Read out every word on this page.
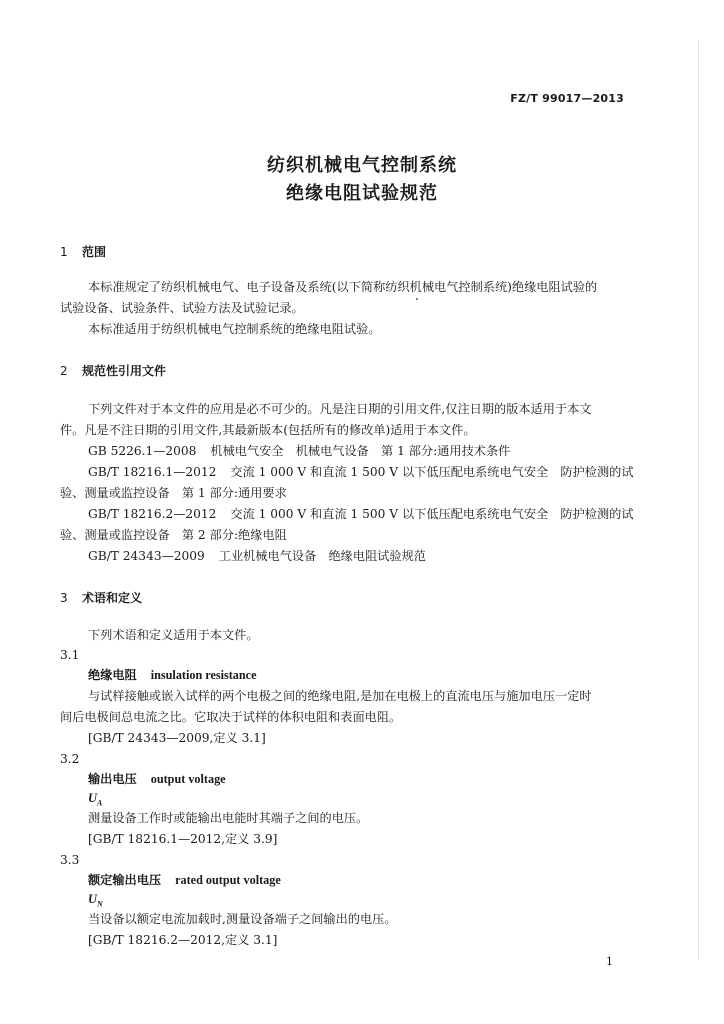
FZ/T 99017—2013
纺织机械电气控制系统
绝缘电阻试验规范
1 范围
本标准规定了纺织机械电气、电子设备及系统(以下简称纺织机械电气控制系统)绝缘电阻试验的
试验设备、试验条件、试验方法及试验记录。
本标准适用于纺织机械电气控制系统的绝缘电阻试验。
2 规范性引用文件
下列文件对于本文件的应用是必不可少的。凡是注日期的引用文件,仅注日期的版本适用于本文
件。凡是不注日期的引用文件,其最新版本(包括所有的修改单)适用于本文件。
GB 5226.1—2008 机械电气安全　机械电气设备　第 1 部分:通用技术条件
GB/T 18216.1—2012 交流 1 000 V 和直流 1 500 V 以下低压配电系统电气安全　防护检测的试
验、测量或监控设备　第 1 部分:通用要求
GB/T 18216.2—2012 交流 1 000 V 和直流 1 500 V 以下低压配电系统电气安全　防护检测的试
验、测量或监控设备　第 2 部分:绝缘电阻
GB/T 24343—2009 工业机械电气设备　绝缘电阻试验规范
3 术语和定义
下列术语和定义适用于本文件。
3.1
绝缘电阻 insulation resistance
与试样接触或嵌入试样的两个电极之间的绝缘电阻,是加在电极上的直流电压与施加电压一定时
间后电极间总电流之比。它取决于试样的体积电阻和表面电阻。
[GB/T 24343—2009,定义 3.1]
3.2
输出电压 output voltage
$U_A$
测量设备工作时或能输出电能时其端子之间的电压。
[GB/T 18216.1—2012,定义 3.9]
3.3
额定输出电压 rated output voltage
$U_N$
当设备以额定电流加载时,测量设备端子之间输出的电压。
[GB/T 18216.2—2012,定义 3.1]
1
